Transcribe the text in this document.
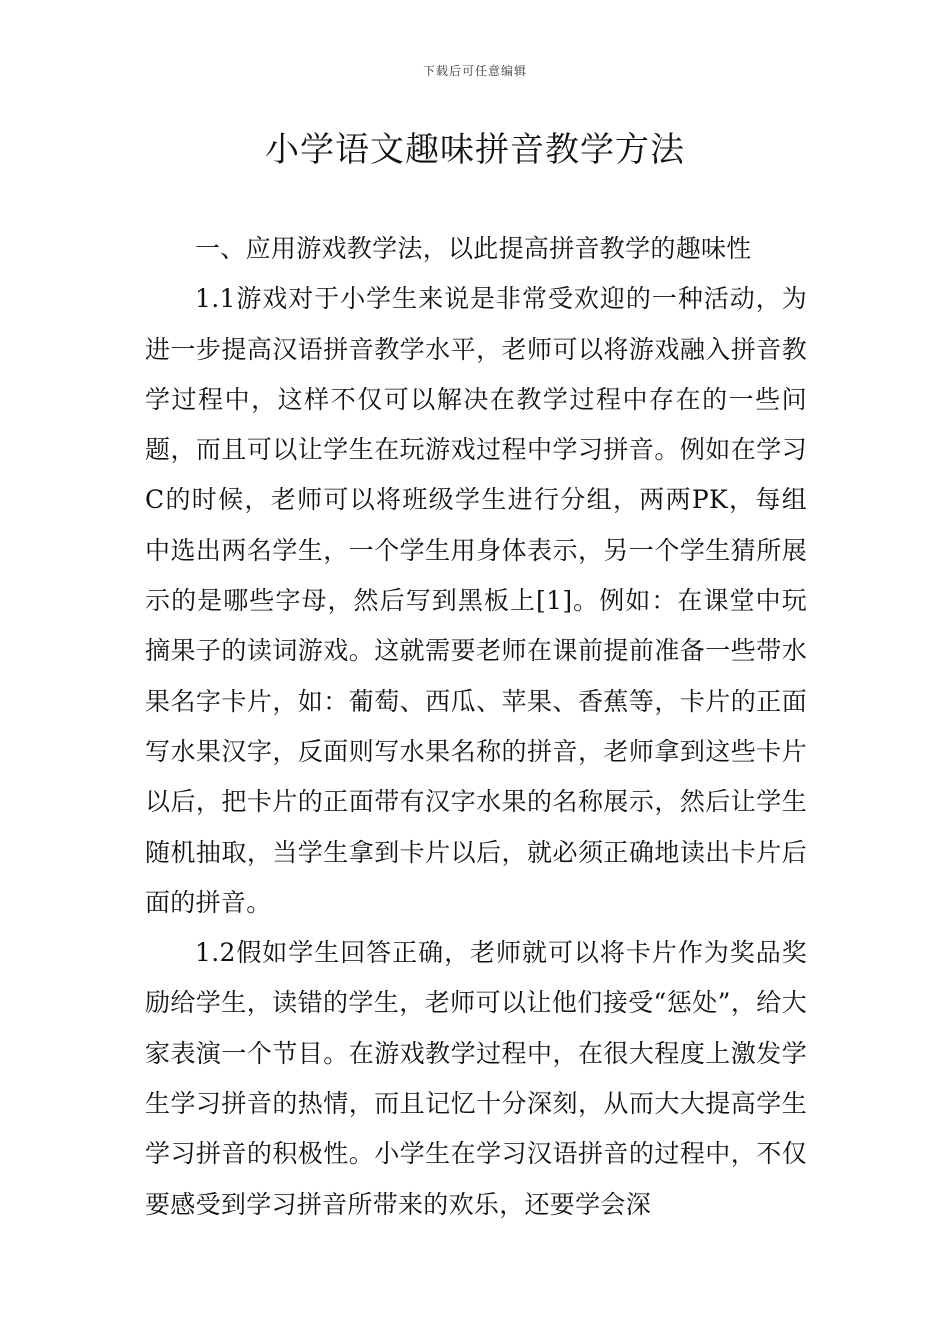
下载后可任意编辑
小学语文趣味拼音教学方法

一、应用游戏教学法，以此提高拼音教学的趣味性

1.1游戏对于小学生来说是非常受欢迎的一种活动，为进一步提高汉语拼音教学水平，老师可以将游戏融入拼音教学过程中，这样不仅可以解决在教学过程中存在的一些问题，而且可以让学生在玩游戏过程中学习拼音。例如在学习C的时候，老师可以将班级学生进行分组，两两PK，每组中选出两名学生，一个学生用身体表示，另一个学生猜所展示的是哪些字母，然后写到黑板上[1]。例如：在课堂中玩摘果子的读词游戏。这就需要老师在课前提前准备一些带水果名字卡片，如：葡萄、西瓜、苹果、香蕉等，卡片的正面写水果汉字，反面则写水果名称的拼音，老师拿到这些卡片以后，把卡片的正面带有汉字水果的名称展示，然后让学生随机抽取，当学生拿到卡片以后，就必须正确地读出卡片后面的拼音。

1.2假如学生回答正确，老师就可以将卡片作为奖品奖励给学生，读错的学生，老师可以让他们接受“惩处”，给大家表演一个节目。在游戏教学过程中，在很大程度上激发学生学习拼音的热情，而且记忆十分深刻，从而大大提高学生学习拼音的积极性。小学生在学习汉语拼音的过程中，不仅要感受到学习拼音所带来的欢乐，还要学会深
